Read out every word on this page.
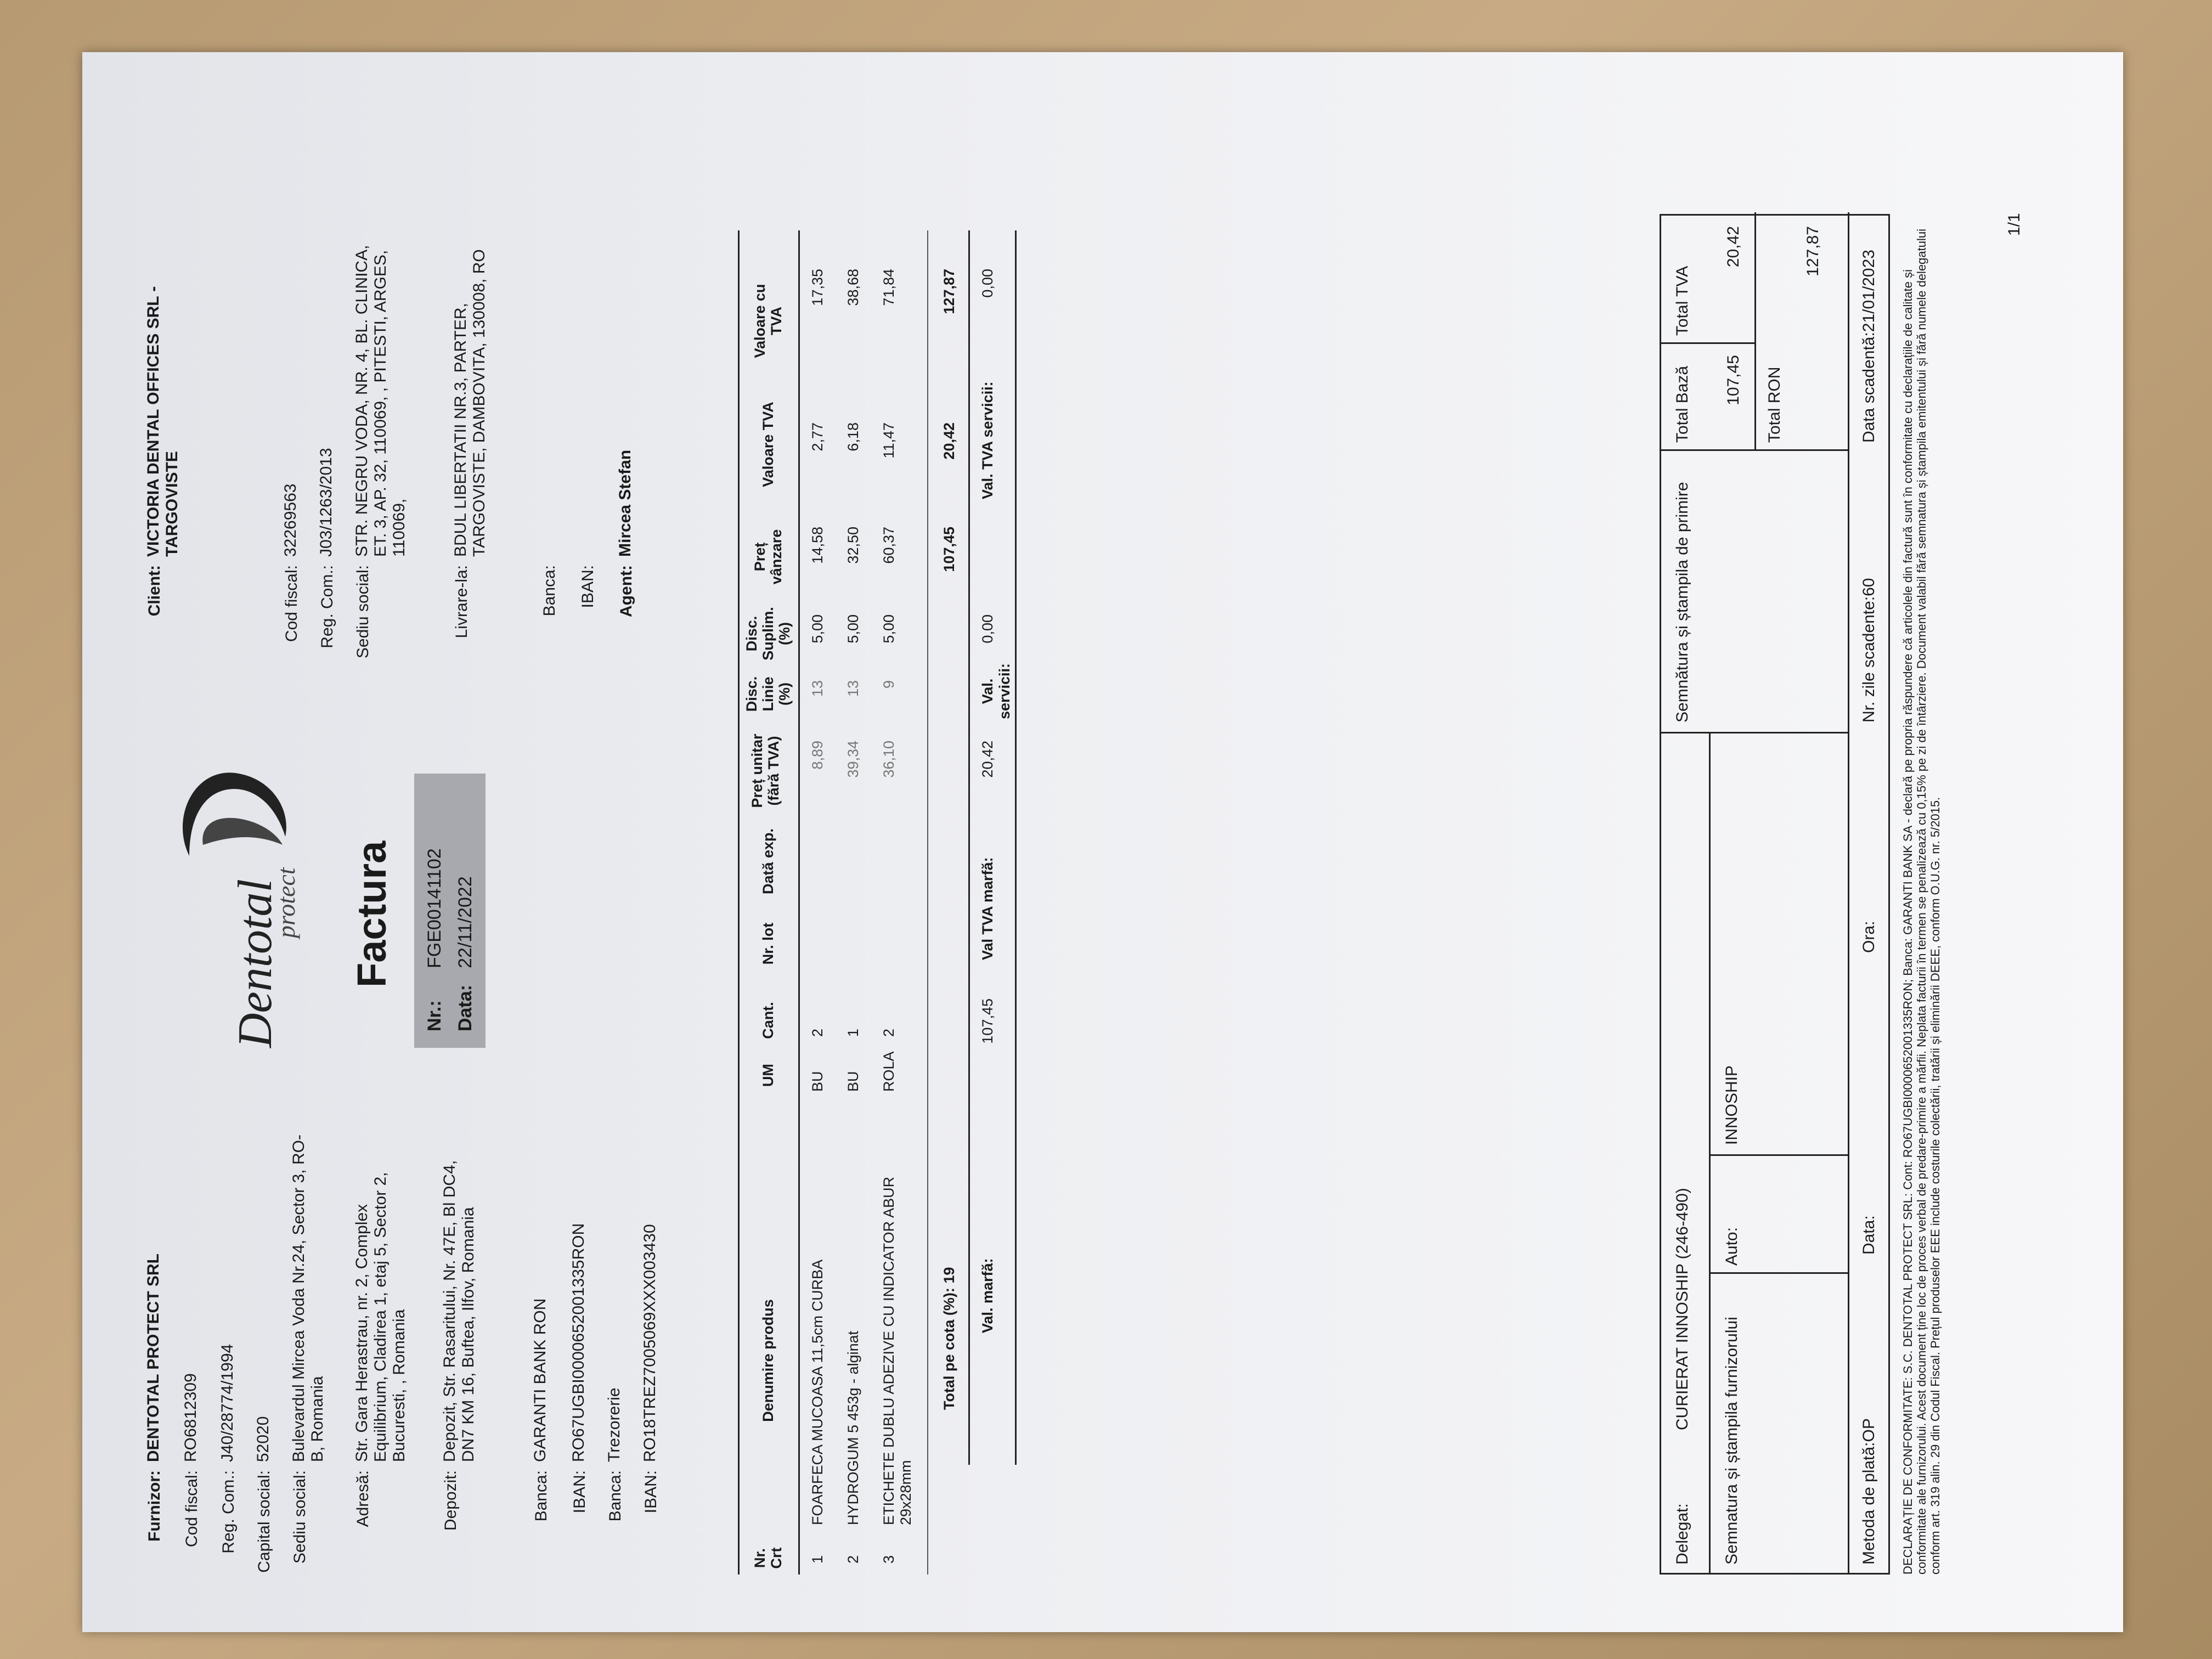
Furnizor:
DENTOTAL PROTECT SRL
Cod fiscal:
RO6812309
Reg. Com.:
J40/28774/1994
Capital social:
52020
Sediu social:
Bulevardul Mircea Voda Nr.24, Sector 3, RO-B, Romania
Adresă:
Str. Gara Herastrau, nr. 2, Complex Equilibrium, Cladirea 1, etaj 5, Sector 2, Bucuresti, , Romania
Depozit:
Depozit, Str. Rasaritului, Nr. 47E, Bl DC4, DN7 KM 16, Buftea, Ilfov, Romania
Banca:
GARANTI BANK RON
IBAN:
RO67UGBI0000652001335RON
Banca:
Trezorerie
IBAN:
RO18TREZ7005069XXX003430
Dentotal
protect Factura
Nr.:
FGE00141102
Data:
22/11/2022
Client:
VICTORIA DENTAL OFFICES SRL - TARGOVISTE
Cod fiscal:
32269563
Reg. Com.:
J03/1263/2013
Sediu social:
STR. NEGRU VODA, NR. 4, BL. CLINICA, ET. 3, AP. 32, 110069, , PITESTI, ARGES, 110069,
Livrare-la:
BDUL LIBERTATII NR.3, PARTER, TARGOVISTE, DAMBOVITA, 130008, RO
Banca: IBAN: Agent:
Mircea Stefan
Nr. Crt
Denumire produs
UM
Cant.
Nr. lot
Dată exp.
Preț unitar (fără TVA)
Disc. Linie (%)
Disc. Suplim. (%)
Preț vânzare
Valoare TVA
Valoare cu TVA
1
FOARFECA MUCOASA 11,5cm CURBA
BU
2
8,89
13
5,00
14,58
2,77
17,35
2
HYDROGUM 5 453g - alginat
BU
1
39,34
13
5,00
32,50
6,18
38,68
3
ETICHETE DUBLU ADEZIVE CU INDICATOR ABUR 29x28mm
ROLA
2
36,10
9
5,00
60,37
11,47
71,84
Total pe cota (%): 19
107,45
20,42
127,87
Val. marfă:
107,45
Val TVA marfă:
20,42
Val. servicii:
0,00
Val. TVA servicii:
0,00
Delegat:
CURIERAT INNOSHIP (246-490)
Semnatura și ștampila furnizorului
Auto:
INNOSHIP
Semnătura și ștampila de primire
Total Bază 107,45
Total TVA
20,42
Total RON
127,87
Metoda de plată:OP
Data:
Ora:
Nr. zile scadente:60
Data scadentă:21/01/2023 DECLARAȚIE DE CONFORMITATE: S.C. DENTOTAL PROTECT SRL: Cont: RO67UGBI0000652001335RON; Banca: GARANTI BANK SA - declară pe propria răspundere că articolele din factură sunt în conformitate cu declarațiile de calitate și conformitate ale furnizorului. Acest document ține loc de proces verbal de predare-primire a mărfii. Neplata facturii în termen se penalizează cu 0,15% pe zi de întârziere. Document valabil fără semnatura și ștampila emitentului și fără numele delegatului conform art. 319 alin. 29 din Codul Fiscal. Prețul produselor EEE include costurile colectării, tratării și eliminării DEEE, conform O.U.G. nr. 5/2015.
1/1
